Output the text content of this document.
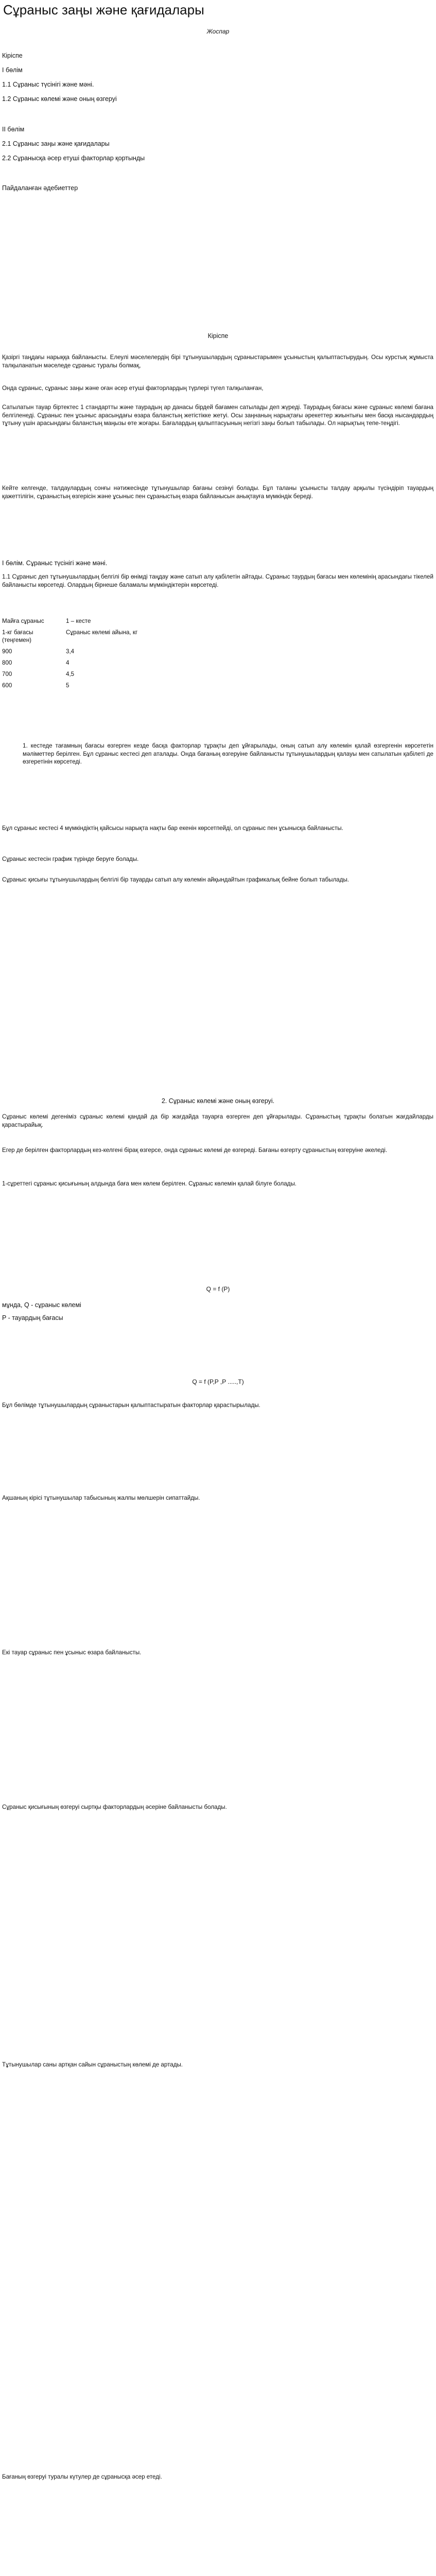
Сұраныс заңы және қағидалары
Жоспар
Кіріспе
I бөлім
1.1 Сұраныс түсінігі және мәні.
1.2 Сұраныс көлемі және оның өзгеруі
II бөлім
2.1 Сұраныс заңы және қағидалары
2.2 Сұранысқа әсер етуші факторлар қортынды
Пайдаланған әдебиеттер
Кіріспе
Қазіргі таңдағы нарыққа байланысты. Елеулі мәселелердің бірі тұтынушылардың сұраныстарымен ұсыныстың қалыптастырудың. Осы курстық жұмыста талқыланатын мәселеде сұраныс туралы болмақ,
Онда сұраныс, сұраныс заңы және оған әсер етуші факторлардың түрлері түгел талқыланған,
Сатылатын тауар біртектес 1 стандартты және таурадың ар данасы бірдей бағамен сатылады деп жүреді. Таурадың бағасы жəне сұраныс көлемі бағана белгіленеді. Сұраныс пен ұсыныс арасындағы өзара баланстың жетістікке жетуі. Осы заңнаның нарықтағы әрекеттер жиынтығы мен басқа нысандардың тұтыну үшін арасындағы баланстың маңызы өте жоғары. Бағалардың қалыптасуының негізгі заңы болып табылады. Ол нарықтың тепе-теңдігі.
Кейте келгенде, талдаулардың сонғы нәтижесінде тұтынушылар бағаны сезінуі болады. Бұл таланы ұсынысты талдау арқылы түсіндіріп тауардың қажеттілігін, сұраныстың өзгерісін және ұсыныс пен сұраныстың өзара байланысын анықтауға мүмкіндік береді.
I бөлім. Сұраныс түсінігі және мәні.
1.1 Сұраныс деп тұтынушылардың белгілі бір өнімді таңдау және сатып алу қабілетін айтады. Сұраныс таурдың бағасы мен көлемінің арасындағы тікелей байланысты көрсетеді. Олардың бірнеше баламалы мүмкіндіктерін көрсетеді.
Майға сұраныс	1 – кесте
1-кг бағасы (теңгемен)	Сұраныс көлемі айына, кг
900	3,4
800	4
700	4,5
600	5
1. кестеде тағамның бағасы өзгерген кезде басқа факторлар тұрақты деп ұйғарылады, оның сатып алу көлемін қалай өзгергенін көрсететін мәліметтер берілген. Бұл сұраныс кестесі деп аталады. Онда бағаның өзгеруіне байланысты тұтынушылардың қалауы мен сатылатын қабілеті де өзгеретінін көрсетеді.
Бұл сұраныс кестесі 4 мүмкіндіктің қайсысы нарықта нақты бар екенін көрсетпейді, ол сұраныс пен ұсынысқа байланысты.
Сұраныс кестесін график түрінде беруге болады.
Сұраныс қисығы тұтынушылардың белгілі бір тауарды сатып алу көлемін айқындайтын графикалық бейне болып табылады.
2. Сұраныс көлемі және оның өзгеруі.
Сұраныс көлемі дегеніміз сұраныс көлемі қандай да бір жағдайда тауарға өзгерген деп ұйғарылады. Сұраныстың тұрақты болатын жағдайларды қарастырайық.
Егер де берілген факторлардың кез-келгені бірақ өзгерсе, онда сұраныс көлемі де өзгереді. Бағаны өзгерту сұраныстың өзгеруіне әкеледі.
1-сұреттегі сұраныс қисығының алдында баға мен көлем берілген. Сұраныс көлемін қалай білуге болады.
Q = f (P)
мұнда, Q - сұраныс көлемі
P - тауардың бағасы
Q = f (P,P ,P .....,T)
Бұл бөлімде тұтынушылардың сұраныстарын қалыптастыратын факторлар қарастырылады.
Ақшаның кірісі тұтынушылар табысының жалпы мөлшерін сипаттайды.
Екі тауар сұраныс пен ұсыныс өзара байланысты.
Сұраныс қисығының өзгеруі сыртқы факторлардың әсеріне байланысты болады.
Тұтынушылар саны артқан сайын сұраныстың көлемі де артады.
Бағаның өзгеруі туралы күтулер де сұранысқа әсер етеді.
